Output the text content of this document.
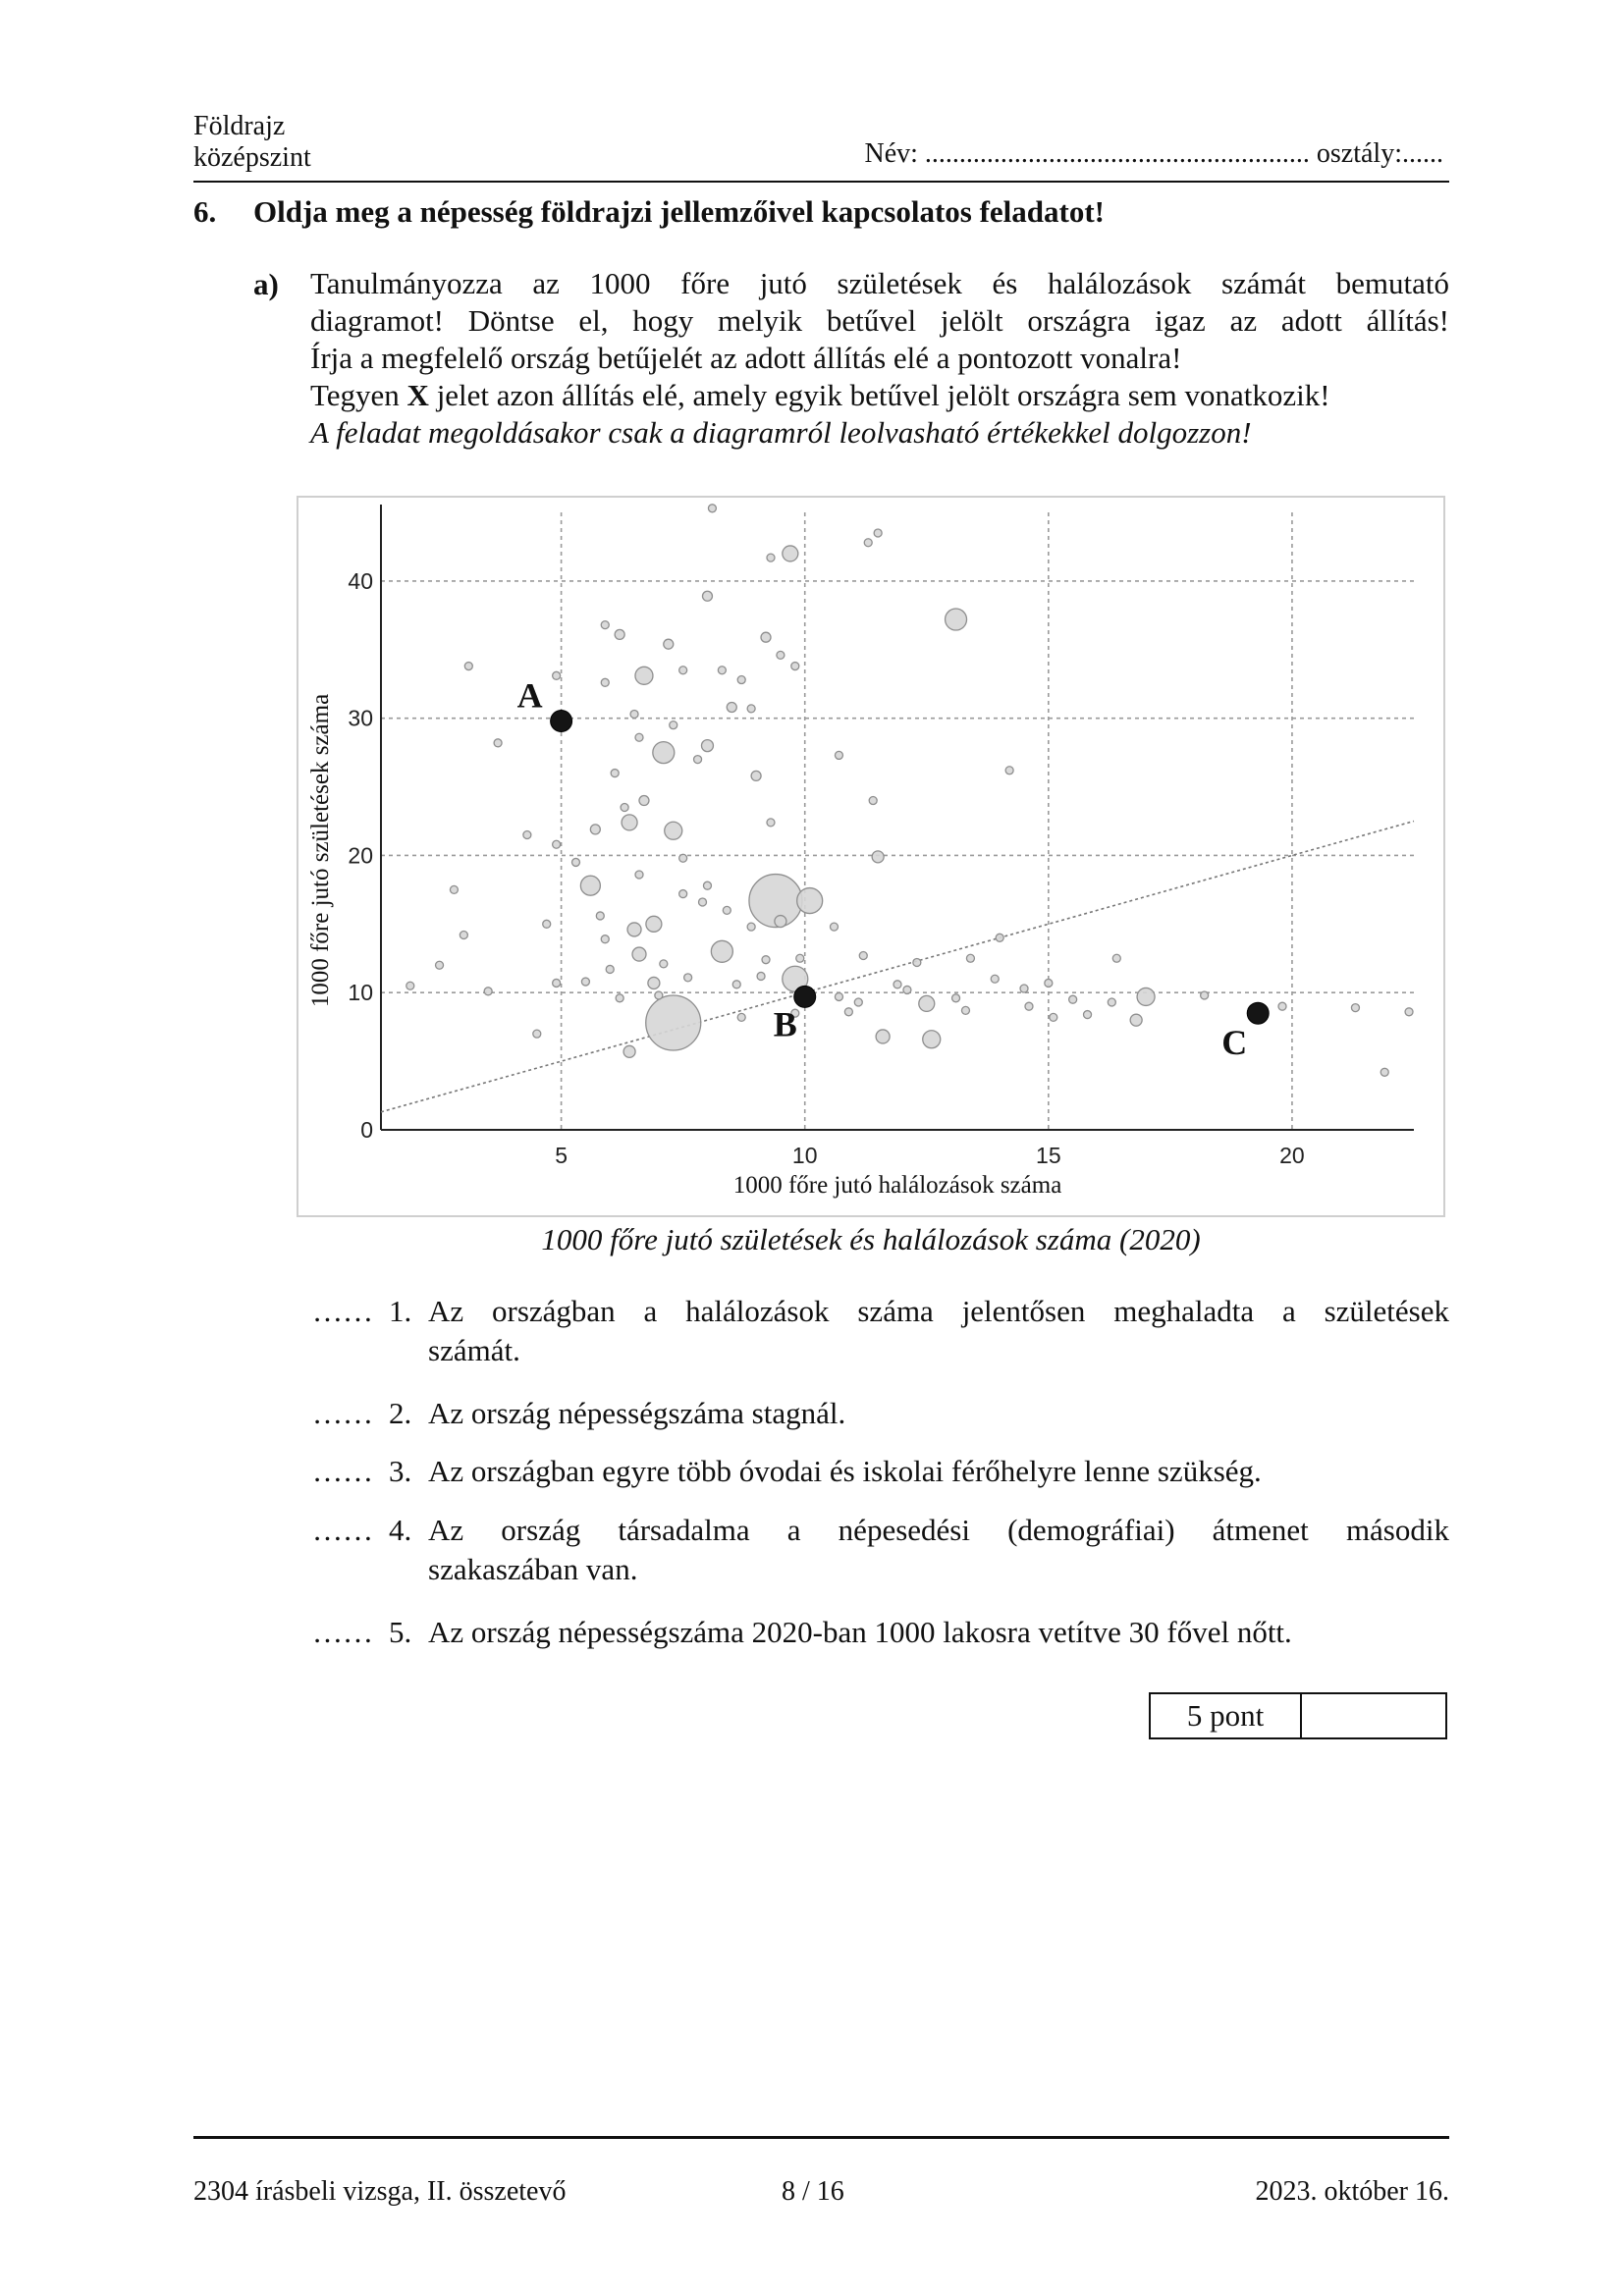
Földrajz
középszint	Név: ........................................................ osztály:......
6. Oldja meg a népesség földrajzi jellemzőivel kapcsolatos feladatot!
a) Tanulmányozza az 1000 főre jutó születések és halálozások számát bemutató

diagramot! Döntse el, hogy melyik betűvel jelölt országra igaz az adott állítás!

Írja a megfelelő ország betűjelét az adott állítás elé a pontozott vonalra!

Tegyen X jelet azon állítás elé, amely egyik betűvel jelölt országra sem vonatkozik!

A feladat megoldásakor csak a diagramról leolvasható értékekkel dolgozzon!

0
10
20
30
40
5	10	15	20
1000 főre jutó halálozások száma
1000 főre jutó születések száma	A
B	C
1000 főre jutó születések és halálozások száma (2020)
…… 1. Az országban a halálozások száma jelentősen meghaladta a születések
számát.
…… 2. Az ország népességszáma stagnál.
…… 3. Az országban egyre több óvodai és iskolai férőhelyre lenne szükség.
…… 4. Az ország társadalma a népesedési (demográfiai) átmenet második
szakaszában van.
…… 5. Az ország népességszáma 2020-ban 1000 lakosra vetítve 30 fővel nőtt.
5 pont
2304 írásbeli vizsga, II. összetevő	8 / 16	2023. október 16.
